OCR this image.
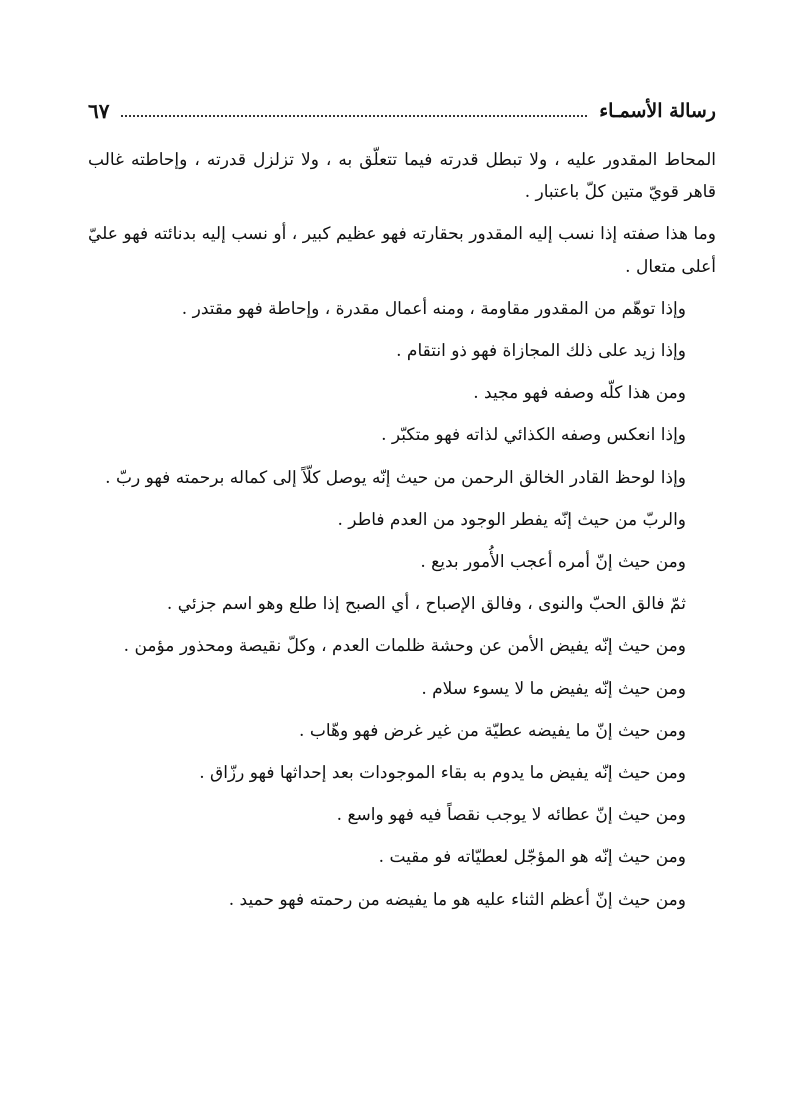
رسالة الأسمـاء
٦٧

المحاط المقدور عليه ، ولا تبطل قدرته فيما تتعلّق به ، ولا تزلزل قدرته ، وإحاطته غالب قاهر قويّ متين كلّ باعتبار .

وما هذا صفته إذا نسب إليه المقدور بحقارته فهو عظيم كبير ، أو نسب إليه بدنائته فهو عليّ أعلى متعال .

وإذا توهّم من المقدور مقاومة ، ومنه أعمال مقدرة ، وإحاطة فهو مقتدر .

وإذا زيد على ذلك المجازاة فهو ذو انتقام .

ومن هذا كلّه وصفه فهو مجيد .

وإذا انعكس وصفه الكذائي لذاته فهو متكبّر .

وإذا لوحظ القادر الخالق الرحمن من حيث إنّه يوصل كلّاً إلى كماله برحمته فهو ربّ .

والربّ من حيث إنّه يفطر الوجود من العدم فاطر .

ومن حيث إنّ أمره أعجب الأُمور بديع .

ثمّ فالق الحبّ والنوى ، وفالق الإصباح ، أي الصبح إذا طلع وهو اسم جزئي .

ومن حيث إنّه يفيض الأمن عن وحشة ظلمات العدم ، وكلّ نقيصة ومحذور مؤمن .

ومن حيث إنّه يفيض ما لا يسوء سلام .

ومن حيث إنّ ما يفيضه عطيّة من غير غرض فهو وهّاب .

ومن حيث إنّه يفيض ما يدوم به بقاء الموجودات بعد إحداثها فهو رزّاق .

ومن حيث إنّ عطائه لا يوجب نقصاً فيه فهو واسع .

ومن حيث إنّه هو المؤجّل لعطيّاته فو مقيت .

ومن حيث إنّ أعظم الثناء عليه هو ما يفيضه من رحمته فهو حميد .
